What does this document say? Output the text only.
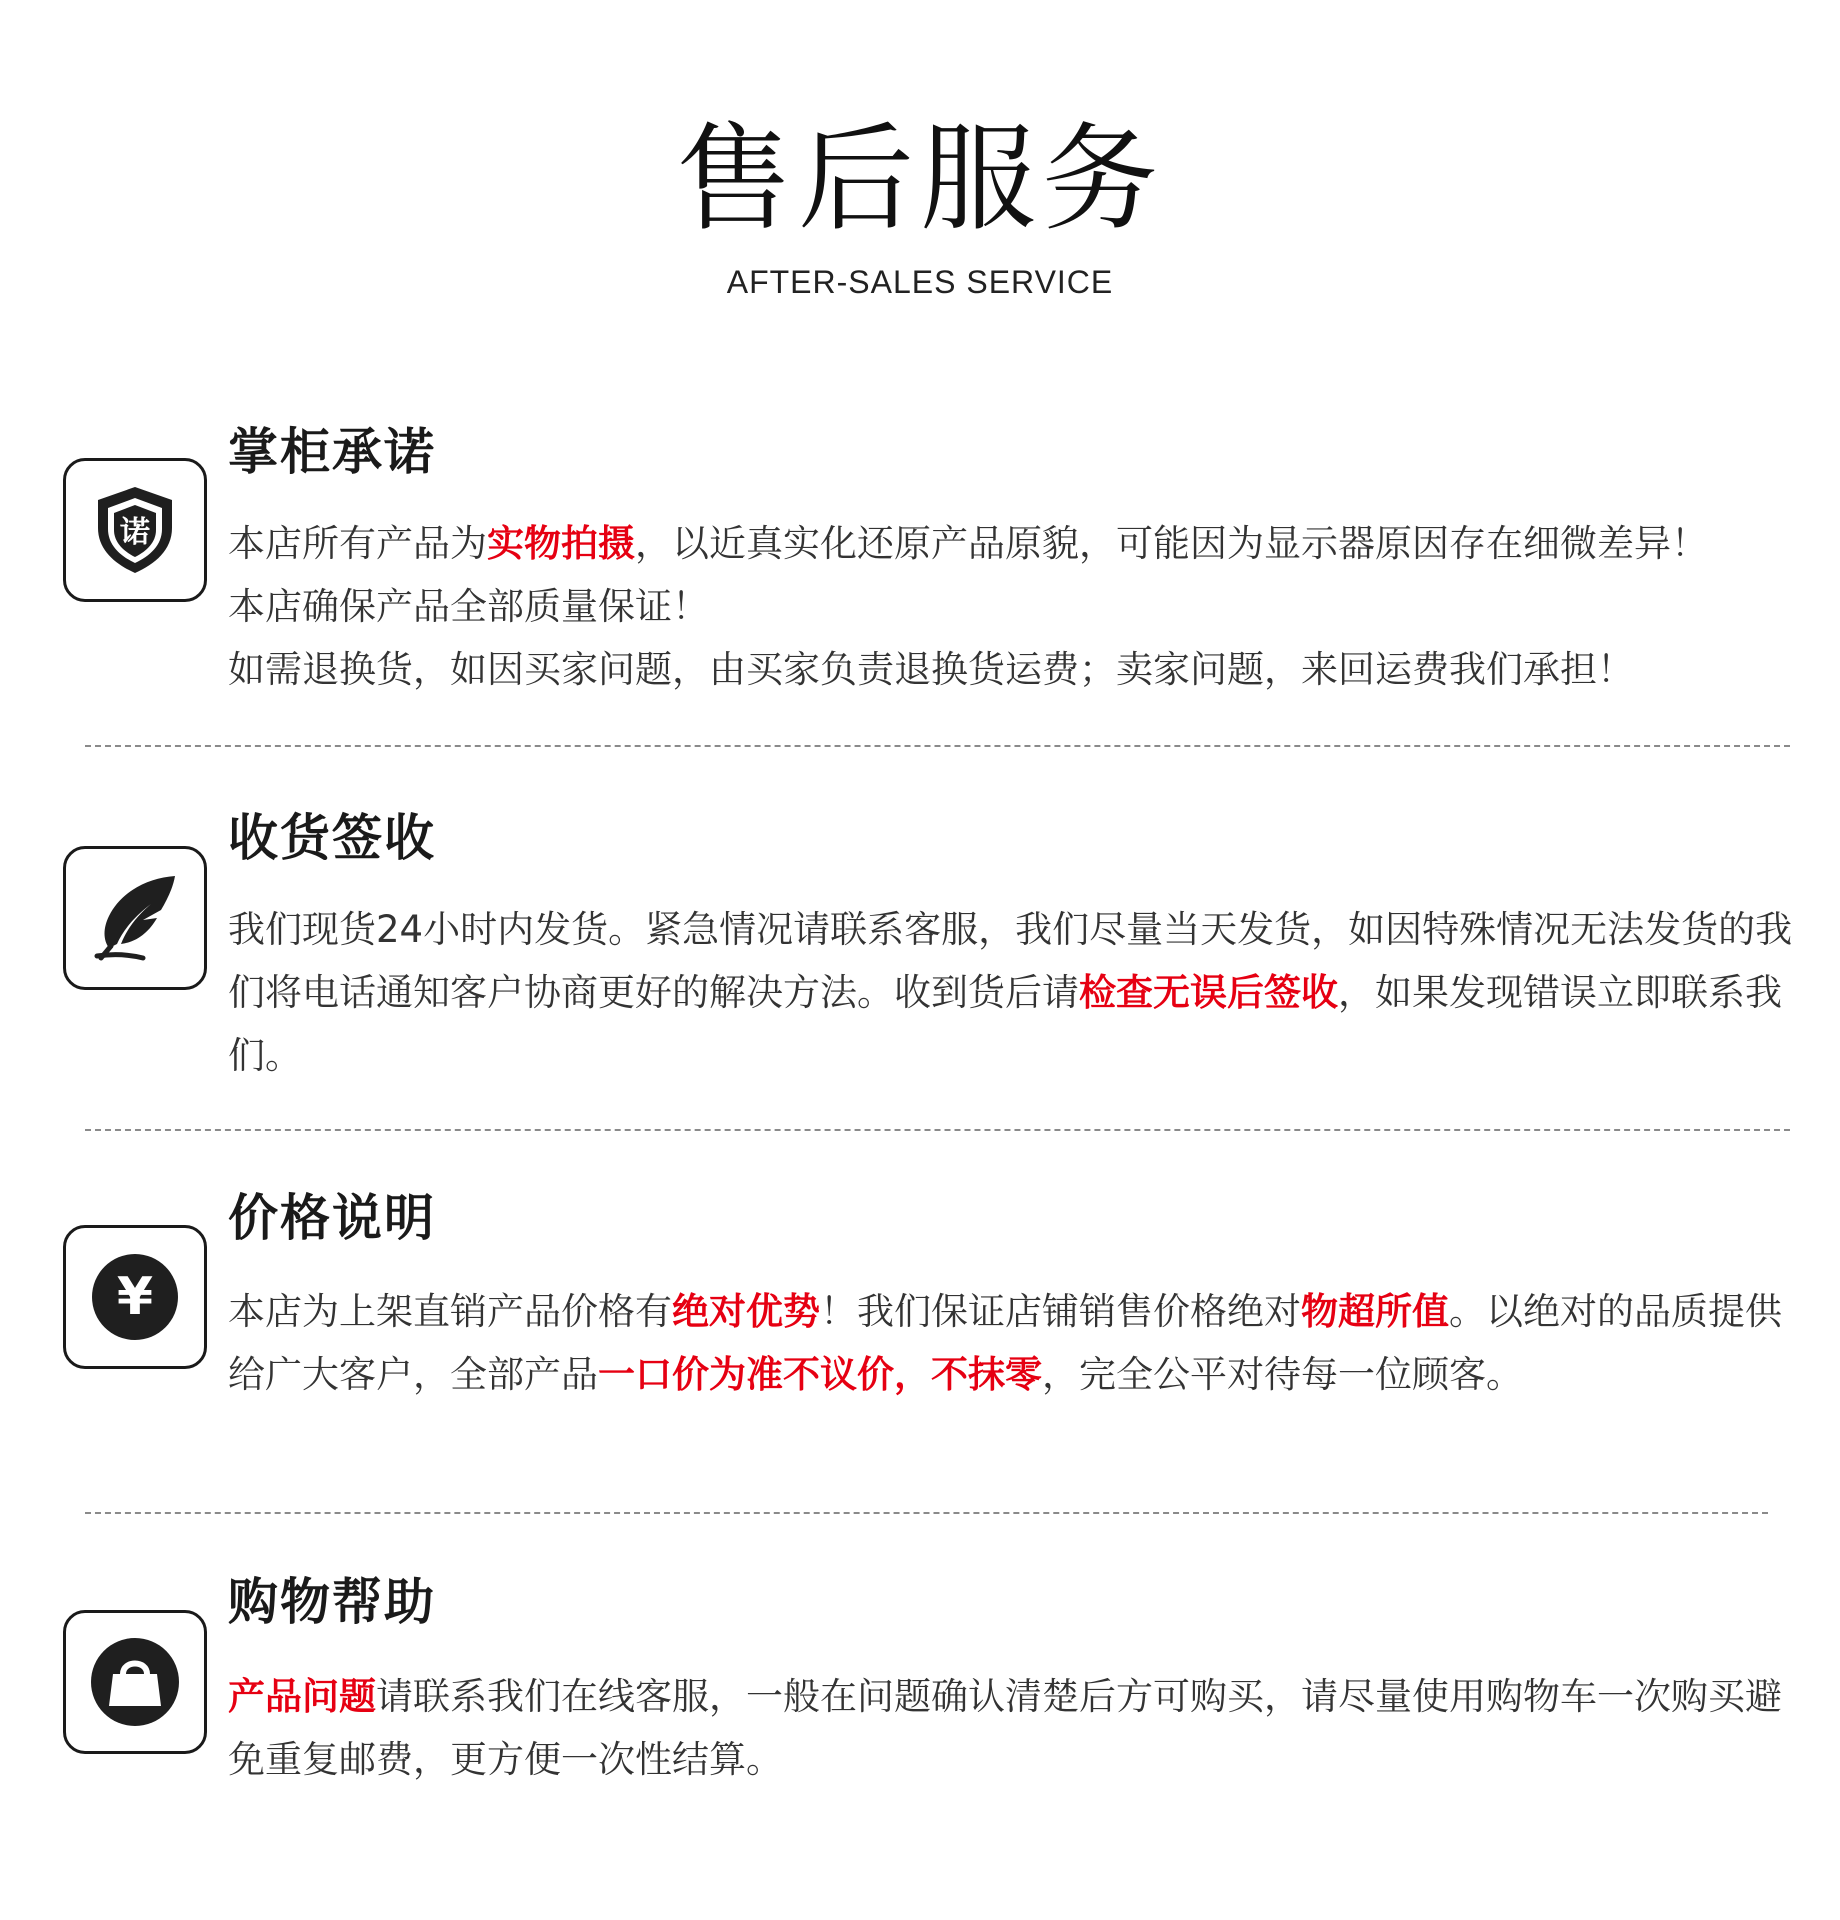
售后服务
AFTER-SALES SERVICE
掌柜承诺
诺 本店所有产品为实物拍摄，以近真实化还原产品原貌，可能因为显示器原因存在细微差异！
本店确保产品全部质量保证！
如需退换货，如因买家问题，由买家负责退换货运费；卖家问题，来回运费我们承担！
收货签收
我们现货24小时内发货。紧急情况请联系客服，我们尽量当天发货，如因特殊情况无法发货的我们将电话通知客户协商更好的解决方法。收到货后请检查无误后签收，如果发现错误立即联系我们。
价格说明
¥ 本店为上架直销产品价格有绝对优势！我们保证店铺销售价格绝对物超所值。以绝对的品质提供给广大客户，全部产品一口价为准不议价，不抹零，完全公平对待每一位顾客。
购物帮助
产品问题请联系我们在线客服，一般在问题确认清楚后方可购买，请尽量使用购物车一次购买避免重复邮费，更方便一次性结算。
